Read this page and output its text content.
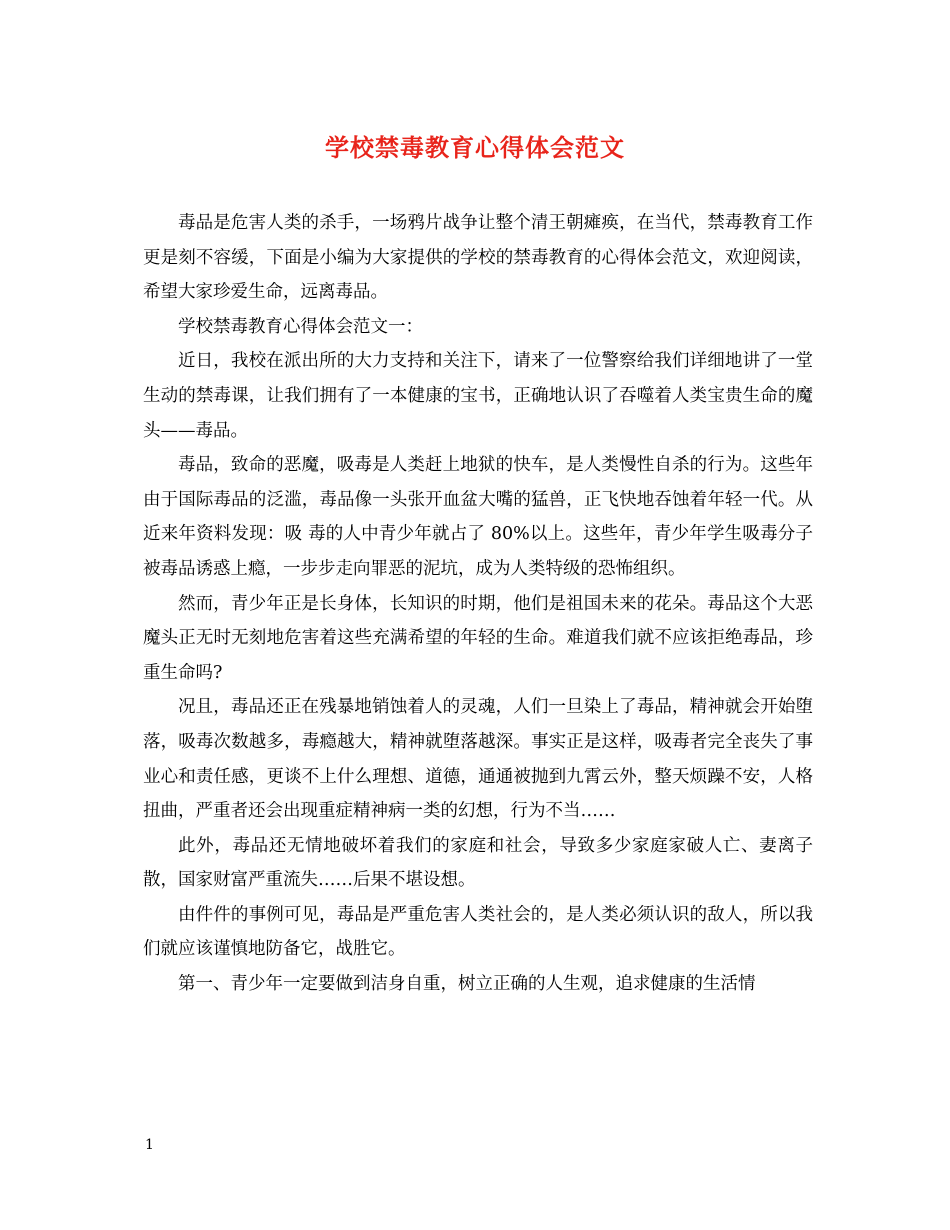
学校禁毒教育心得体会范文

毒品是危害人类的杀手，一场鸦片战争让整个清王朝瘫痪，在当代，禁毒教育工作更是刻不容缓，下面是小编为大家提供的学校的禁毒教育的心得体会范文，欢迎阅读，希望大家珍爱生命，远离毒品。

学校禁毒教育心得体会范文一：

近日，我校在派出所的大力支持和关注下，请来了一位警察给我们详细地讲了一堂生动的禁毒课，让我们拥有了一本健康的宝书，正确地认识了吞噬着人类宝贵生命的魔头——毒品。

毒品，致命的恶魔，吸毒是人类赶上地狱的快车，是人类慢性自杀的行为。这些年由于国际毒品的泛滥，毒品像一头张开血盆大嘴的猛兽，正飞快地吞蚀着年轻一代。从近来年资料发现：吸 毒的人中青少年就占了 80%以上。这些年，青少年学生吸毒分子被毒品诱惑上瘾，一步步走向罪恶的泥坑，成为人类特级的恐怖组织。

然而，青少年正是长身体，长知识的时期，他们是祖国未来的花朵。毒品这个大恶魔头正无时无刻地危害着这些充满希望的年轻的生命。难道我们就不应该拒绝毒品，珍重生命吗?

况且，毒品还正在残暴地销蚀着人的灵魂，人们一旦染上了毒品，精神就会开始堕落，吸毒次数越多，毒瘾越大，精神就堕落越深。事实正是这样，吸毒者完全丧失了事业心和责任感，更谈不上什么理想、道德，通通被抛到九霄云外，整天烦躁不安，人格扭曲，严重者还会出现重症精神病一类的幻想，行为不当……

此外，毒品还无情地破坏着我们的家庭和社会，导致多少家庭家破人亡、妻离子散，国家财富严重流失……后果不堪设想。

由件件的事例可见，毒品是严重危害人类社会的，是人类必须认识的敌人，所以我们就应该谨慎地防备它，战胜它。

第一、青少年一定要做到洁身自重，树立正确的人生观，追求健康的生活情

1
